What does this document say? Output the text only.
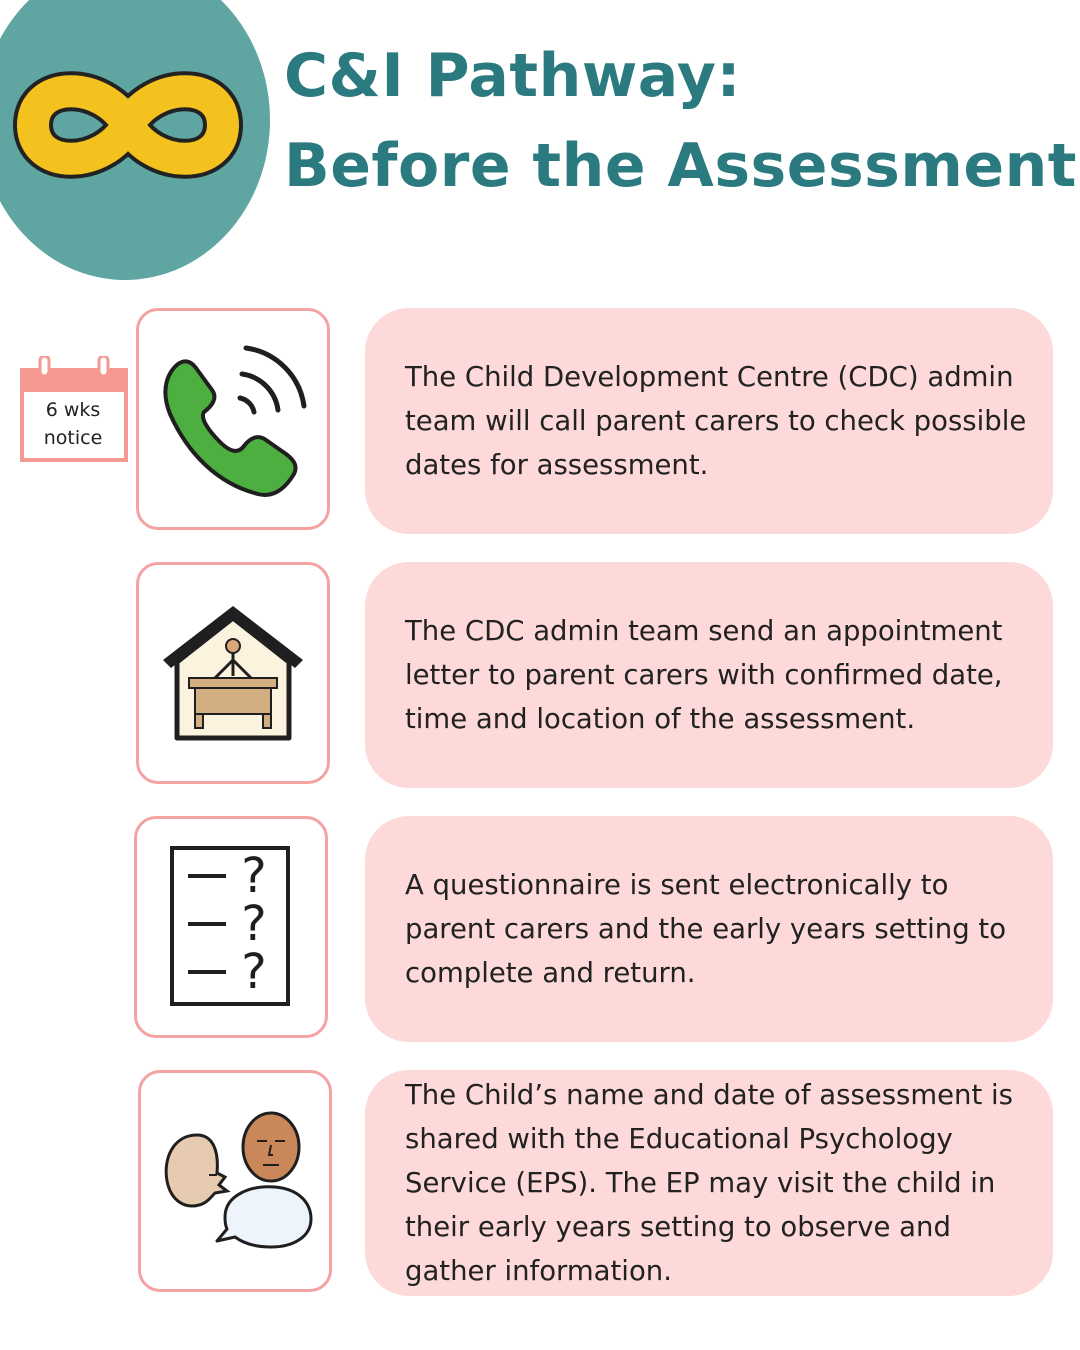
C&I Pathway:
Before the Assessment
6 wks
notice

The Child Development Centre (CDC) admin team will call parent carers to check possible dates for assessment.

The CDC admin team send an appointment letter to parent carers with confirmed date, time and location of the assessment.

?
?
?

A questionnaire is sent electronically to parent carers and the early years setting to complete and return.

The Child’s name and date of assessment is shared with the Educational Psychology Service (EPS). The EP may visit the child in their early years setting to observe and gather information.
